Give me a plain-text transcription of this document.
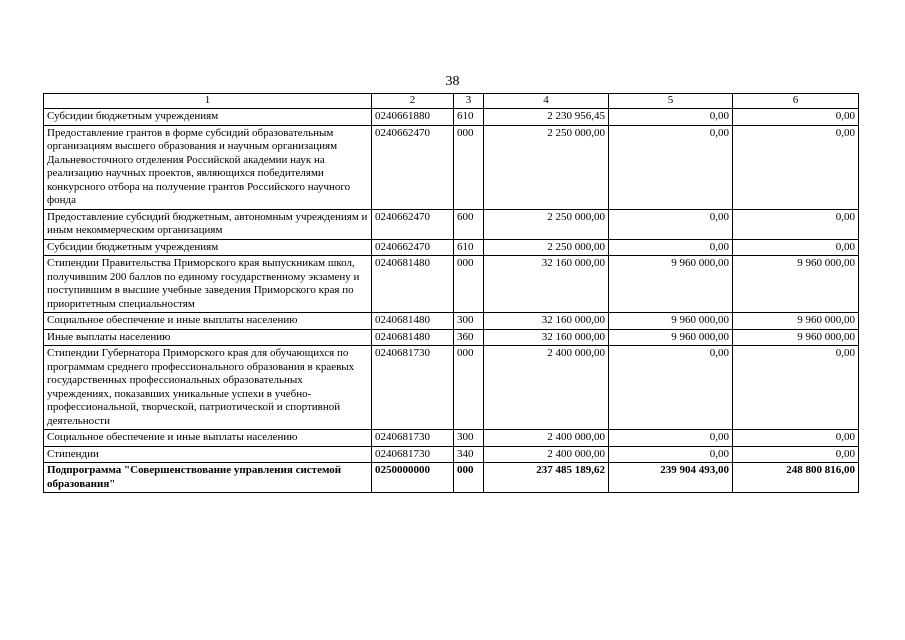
38
1	2	3	4	5	6
Субсидии бюджетным учреждениям	0240661880	610	2 230 956,45	0,00	0,00
Предоставление грантов в форме субсидий образовательным организациям высшего образования и научным организациям Дальневосточного отделения Российской академии наук на реализацию научных проектов, являющихся победителями конкурсного отбора на получение грантов Российского научного фонда	0240662470	000	2 250 000,00	0,00	0,00
Предоставление субсидий бюджетным, автономным учреждениям и иным некоммерческим организациям	0240662470	600	2 250 000,00	0,00	0,00
Субсидии бюджетным учреждениям	0240662470	610	2 250 000,00	0,00	0,00
Стипендии Правительства Приморского края выпускникам школ, получившим 200 баллов по единому государственному экзамену и поступившим в высшие учебные заведения Приморского края по приоритетным специальностям	0240681480	000	32 160 000,00	9 960 000,00	9 960 000,00
Социальное обеспечение и иные выплаты населению	0240681480	300	32 160 000,00	9 960 000,00	9 960 000,00
Иные выплаты населению	0240681480	360	32 160 000,00	9 960 000,00	9 960 000,00
Стипендии Губернатора Приморского края для обучающихся по программам среднего профессионального образования в краевых государственных профессиональных образовательных учреждениях, показавших уникальные успехи в учебно-профессиональной, творческой, патриотической и спортивной деятельности	0240681730	000	2 400 000,00	0,00	0,00
Социальное обеспечение и иные выплаты населению	0240681730	300	2 400 000,00	0,00	0,00
Стипендии	0240681730	340	2 400 000,00	0,00	0,00
Подпрограмма "Совершенствование управления системой образования"	0250000000	000	237 485 189,62	239 904 493,00	248 800 816,00
